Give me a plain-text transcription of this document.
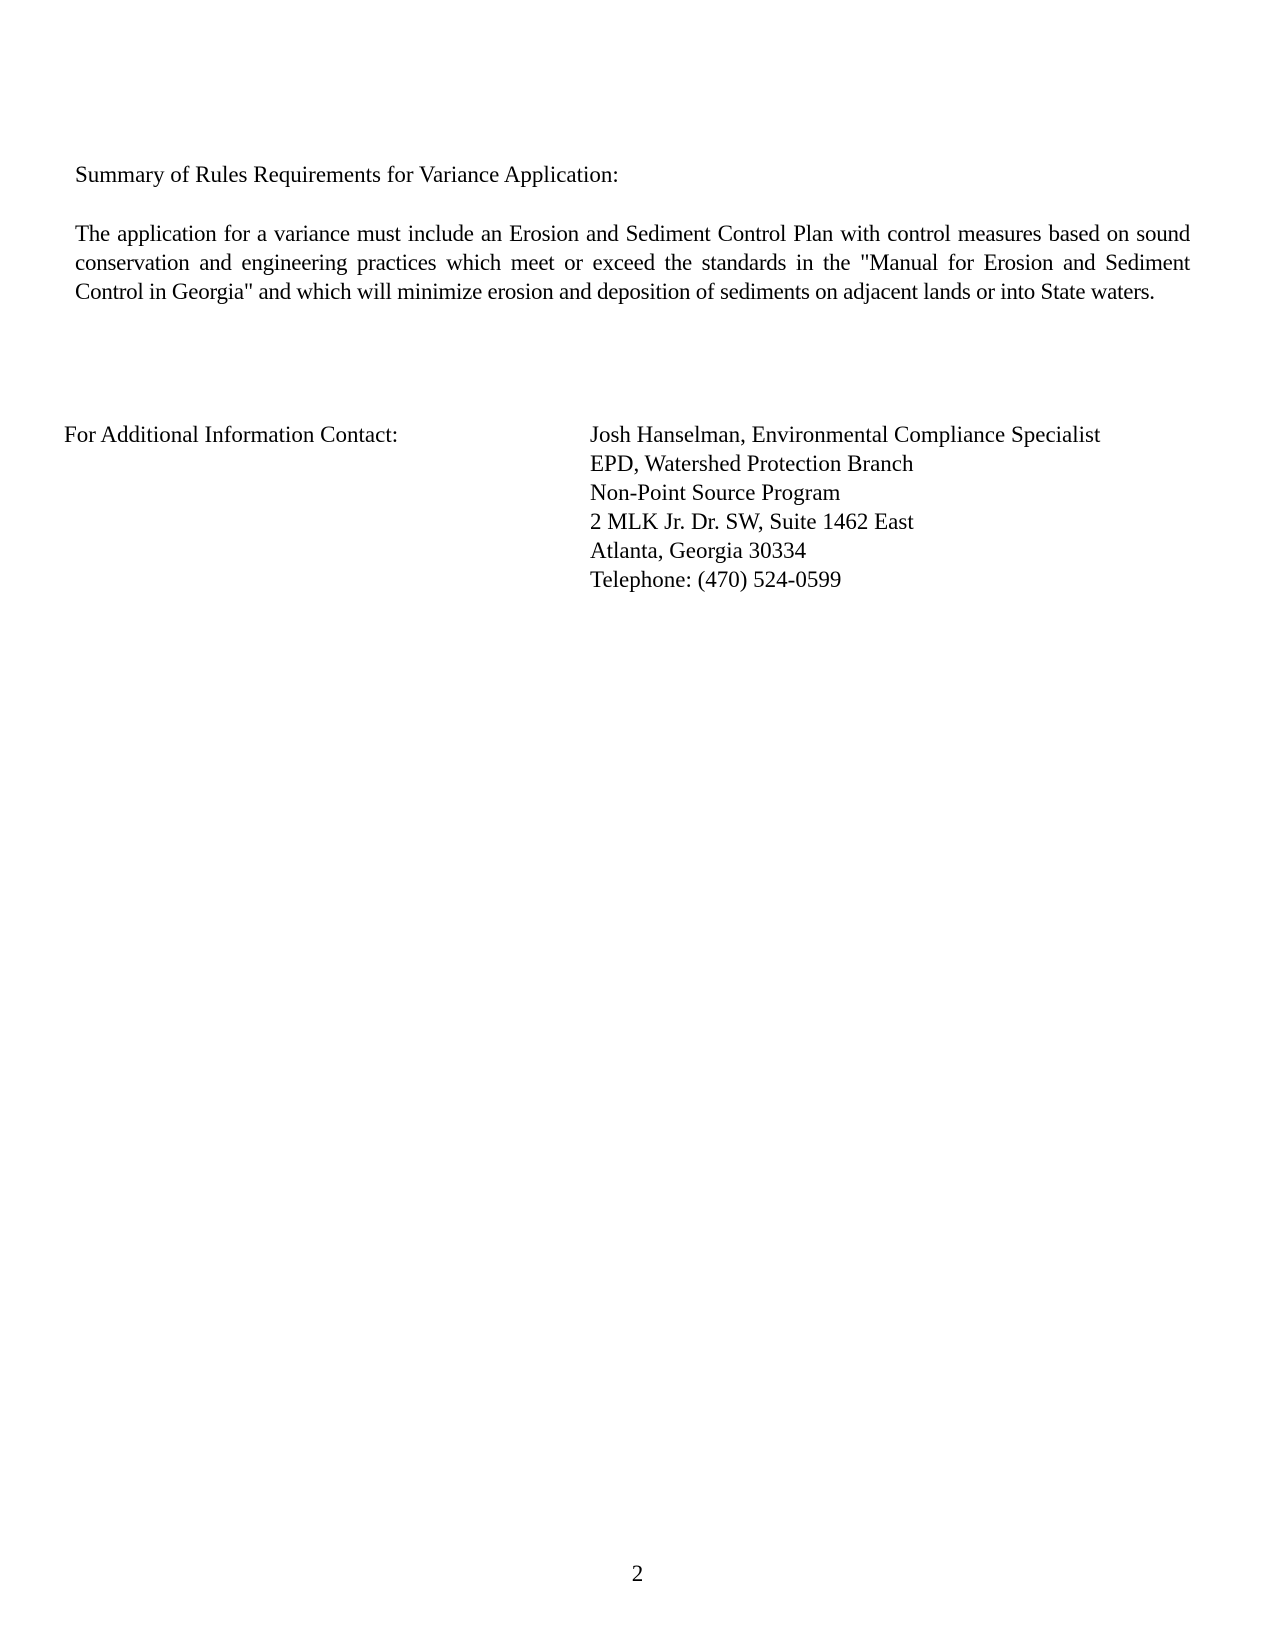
Summary of Rules Requirements for Variance Application:

The application for a variance must include an Erosion and Sediment Control Plan with control measures based on sound conservation and engineering practices which meet or exceed the standards in the "Manual for Erosion and Sediment Control in Georgia" and which will minimize erosion and deposition of sediments on adjacent lands or into State waters.

For Additional Information Contact:	Josh Hanselman, Environmental Compliance Specialist
EPD, Watershed Protection Branch
Non-Point Source Program
2 MLK Jr. Dr. SW, Suite 1462 East
Atlanta, Georgia 30334
Telephone: (470) 524-0599
2
